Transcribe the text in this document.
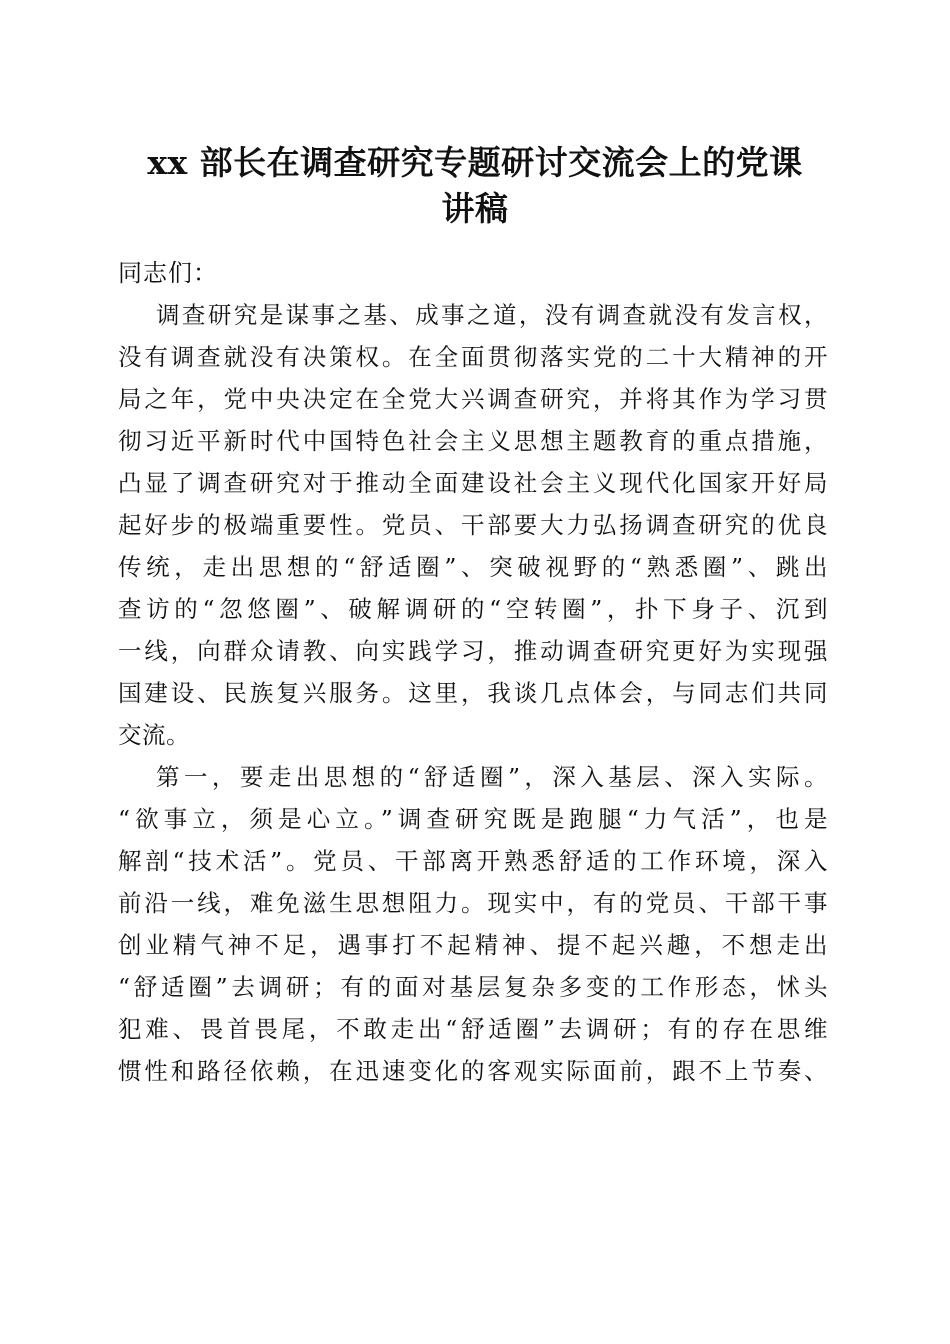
xx 部长在调查研究专题研讨交流会上的党课
讲稿

同志们：

调查研究是谋事之基、成事之道，没有调查就没有发言权，
没有调查就没有决策权。在全面贯彻落实党的二十大精神的开
局之年，党中央决定在全党大兴调查研究，并将其作为学习贯
彻习近平新时代中国特色社会主义思想主题教育的重点措施，
凸显了调查研究对于推动全面建设社会主义现代化国家开好局
起好步的极端重要性。党员、干部要大力弘扬调查研究的优良
传统，走出思想的“舒适圈”、突破视野的“熟悉圈”、跳出
查访的“忽悠圈”、破解调研的“空转圈”，扑下身子、沉到
一线，向群众请教、向实践学习，推动调查研究更好为实现强
国建设、民族复兴服务。这里，我谈几点体会，与同志们共同
交流。

第一，要走出思想的“舒适圈”，深入基层、深入实际。
“欲事立，须是心立。”调查研究既是跑腿“力气活”，也是
解剖“技术活”。党员、干部离开熟悉舒适的工作环境，深入
前沿一线，难免滋生思想阻力。现实中，有的党员、干部干事
创业精气神不足，遇事打不起精神、提不起兴趣，不想走出
“舒适圈”去调研；有的面对基层复杂多变的工作形态，怵头
犯难、畏首畏尾，不敢走出“舒适圈”去调研；有的存在思维
惯性和路径依赖，在迅速变化的客观实际面前，跟不上节奏、
